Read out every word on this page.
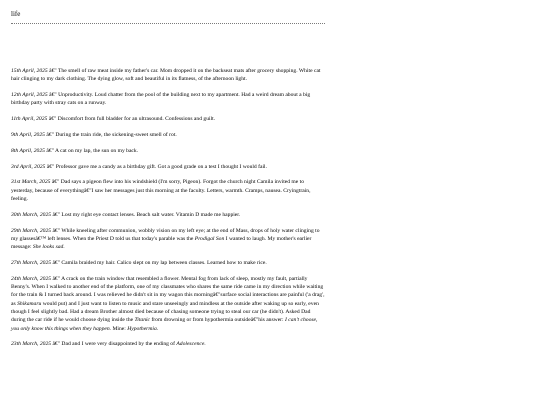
life

15th April, 2025 â€" The smell of raw meat inside my father's car. Mom dropped it on the backseat mats after grocery shopping. White cat hair clinging to my dark clothing. The dying glow, soft and beautiful in its flatness, of the afternoon light.

12th April, 2025 â€" Unproductivity. Loud chatter from the pool of the building next to my apartment. Had a weird dream about a big birthday party with stray cats on a runway.

11th April, 2025 â€" Discomfort from full bladder for an ultrasound. Confessions and guilt.

9th April, 2025 â€" During the train ride, the sickening-sweet smell of rot.

8th April, 2025 â€" A cat on my lap, the sun on my back.

3rd April, 2025 â€" Professor gave me a candy as a birthday gift. Got a good grade on a test I thought I would fail.

31st March, 2025 â€" Dad says a pigeon flew into his windshield (I'm sorry, Pigeon). Forgot the church night Camila invited me to yesterday, because of everythingâ€"I saw her messages just this morning at the faculty. Letters, warmth. Cramps, nausea. Cryingtrain, feeling.

30th March, 2025 â€" Lost my right eye contact lenses. Beach salt water. Vitamin D made me happier.

29th March, 2025 â€" While kneeling after communion, wobbly vision on my left eye; at the end of Mass, drops of holy water clinging to my glassesâ€™ left lenses. When the Priest D told us that today's parable was the Prodigal Son I wanted to laugh. My mother's earlier message: She looks sad.

27th March, 2025 â€" Camila braided my hair. Calico slept on my lap between classes. Learned how to make rice.

24th March, 2025 â€" A crack on the train window that resembled a flower. Mental fog from lack of sleep, mostly my fault, partially Benny's. When I walked to another end of the platform, one of my classmates who shares the same ride came in my direction while waiting for the train & I turned back around. I was relieved he didn't sit in my wagon this morningâ€"surface social interactions are painful ('a drag', as Shikamaru would put) and I just want to listen to music and stare unseeingly and mindless at the outside after waking up so early, even though I feel slightly bad. Had a dream Brother almost died because of chasing someone trying to steal our car (he didn't). Asked Dad during the car ride if he would choose dying inside the Titanic from drowning or from hypothermia outsideâ€"his answer: I can't choose, you only know this things when they happen. Mine: Hypothermia.

23th March, 2025 â€" Dad and I were very disappointed by the ending of Adolescence.
